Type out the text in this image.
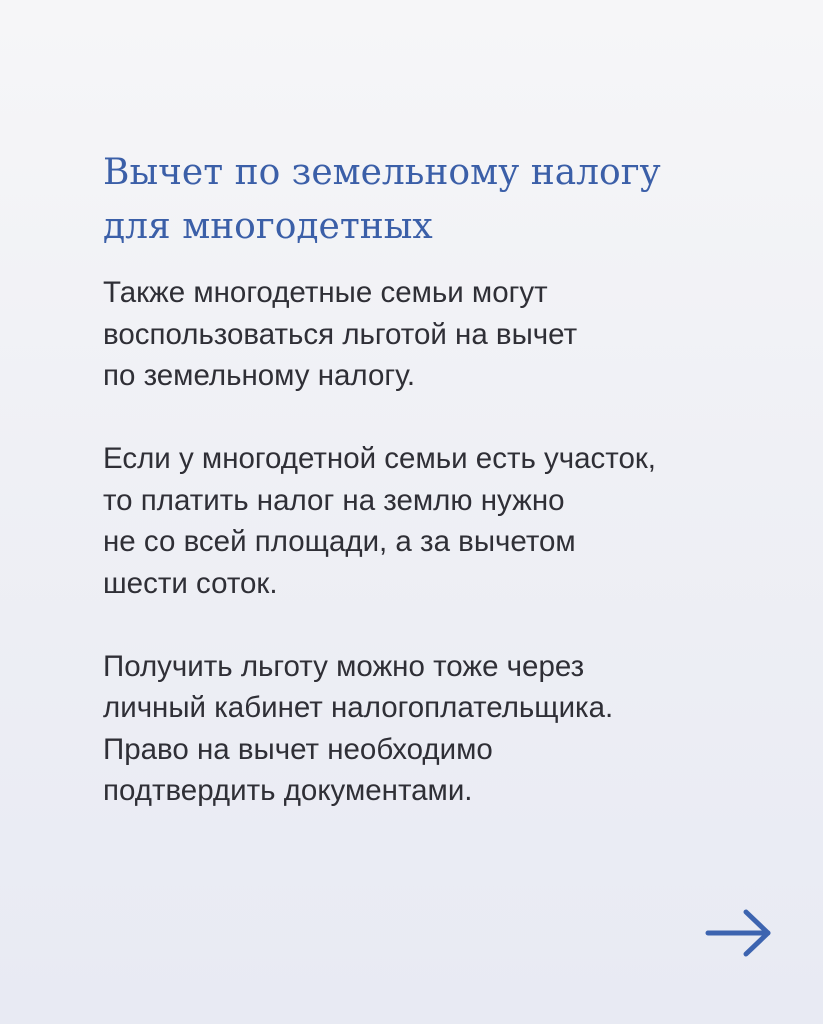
Вычет по земельному налогу
для многодетных

Также многодетные семьи могут
воспользоваться льготой на вычет
по земельному налогу.

Если у многодетной семьи есть участок,
то платить налог на землю нужно
не со всей площади, а за вычетом
шести соток.

Получить льготу можно тоже через
личный кабинет налогоплательщика.
Право на вычет необходимо
подтвердить документами.
